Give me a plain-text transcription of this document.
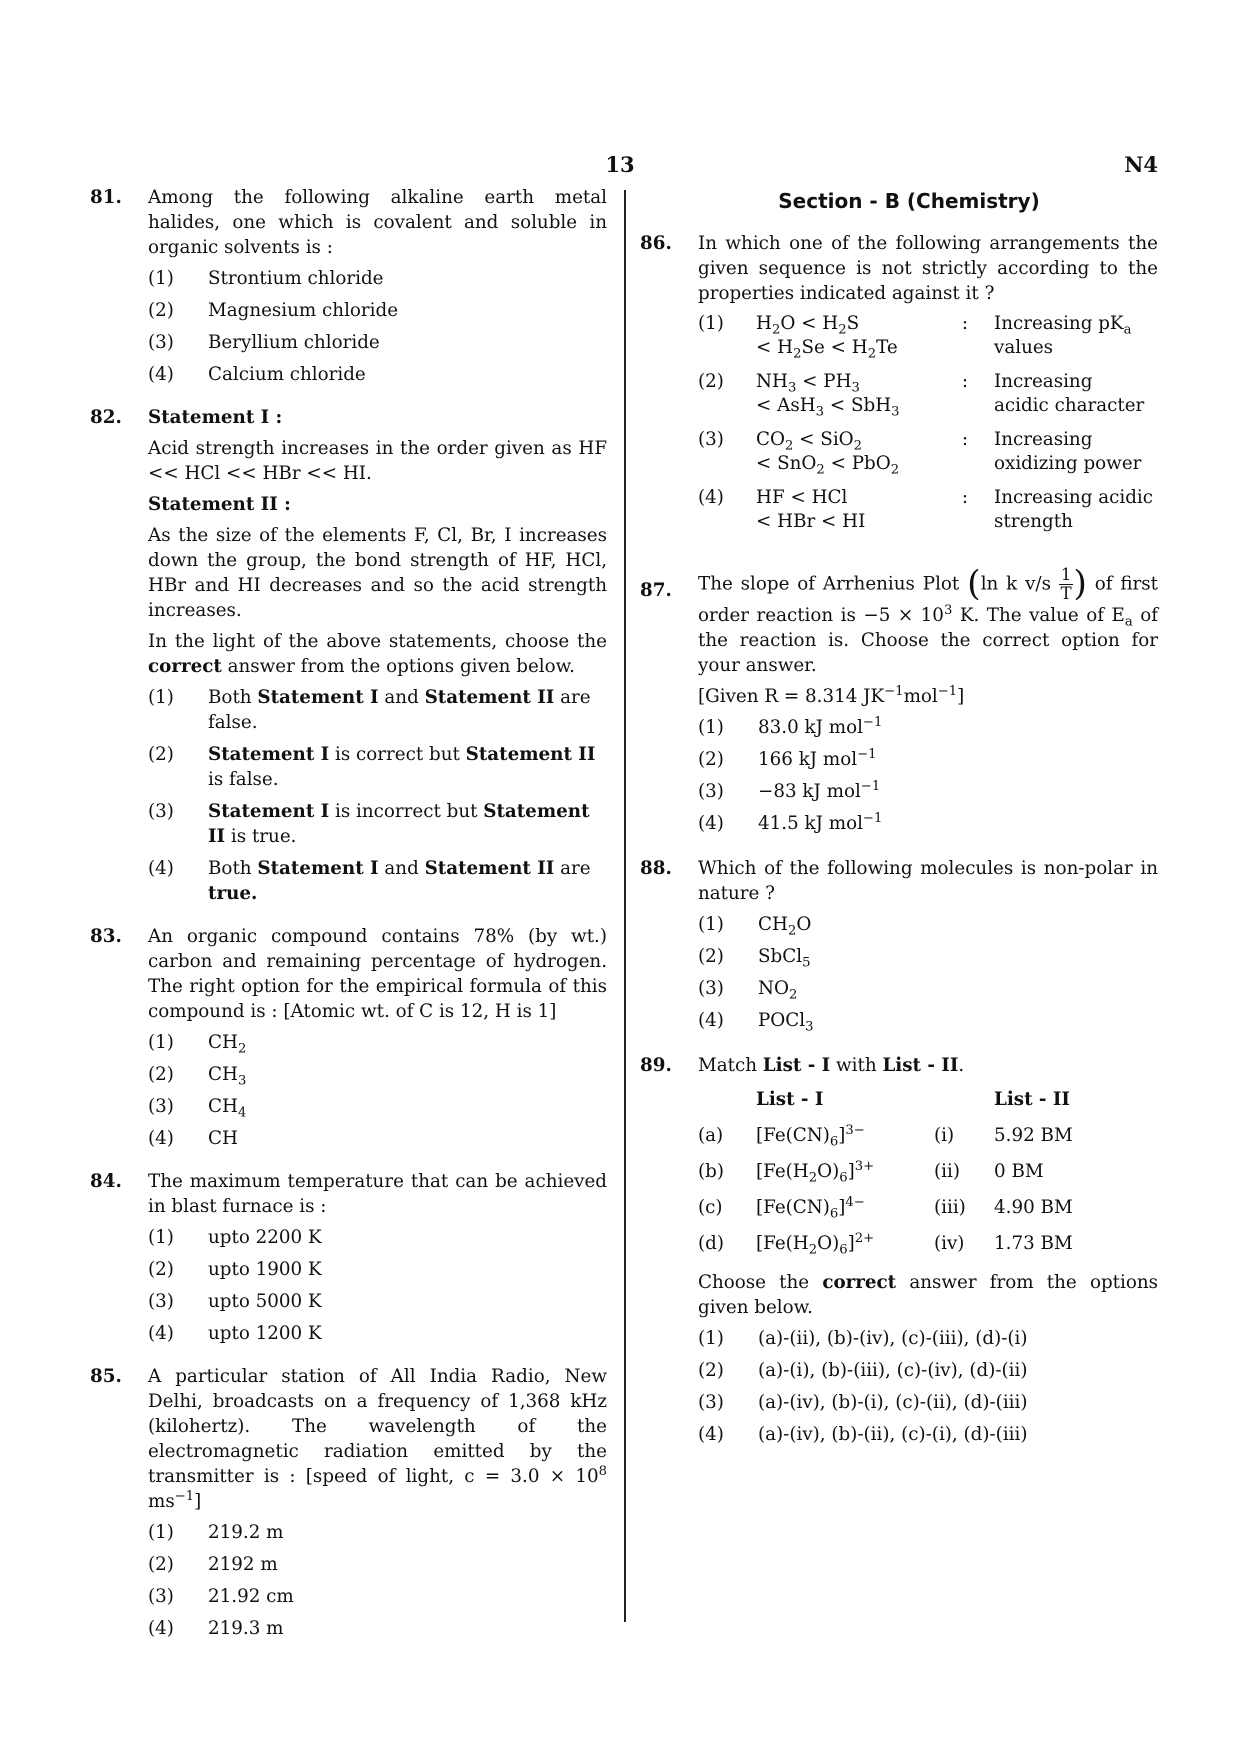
13	N4
81. Among the following alkaline earth metal halides, one which is covalent and soluble in organic solvents is :
(1) Strontium chloride
(2) Magnesium chloride
(3) Beryllium chloride
(4) Calcium chloride
82. Statement I :
Acid strength increases in the order given as HF << HCl << HBr << HI.
Statement II :
As the size of the elements F, Cl, Br, I increases down the group, the bond strength of HF, HCl, HBr and HI decreases and so the acid strength increases.
In the light of the above statements, choose the correct answer from the options given below.
(1) Both Statement I and Statement II are false.
(2) Statement I is correct but Statement II is false.
(3) Statement I is incorrect but Statement II is true.
(4) Both Statement I and Statement II are true.
83. An organic compound contains 78% (by wt.) carbon and remaining percentage of hydrogen. The right option for the empirical formula of this compound is : [Atomic wt. of C is 12, H is 1]
(1) $CH_2$
(2) $CH_3$
(3) $CH_4$
(4) CH
84. The maximum temperature that can be achieved in blast furnace is :
(1) upto 2200 K
(2) upto 1900 K
(3) upto 5000 K
(4) upto 1200 K
85. A particular station of All India Radio, New Delhi, broadcasts on a frequency of 1,368 kHz (kilohertz). The wavelength of the electromagnetic radiation emitted by the transmitter is : [speed of light, $c = 3.0 \times 10^8$ $ms^{-1}$]
(1) 219.2 m
(2) 2192 m
(3) 21.92 cm
(4) 219.3 m
Section - B (Chemistry)
86. In which one of the following arrangements the given sequence is not strictly according to the properties indicated against it ?
(1)	$H_2O < H_2S$
< $H_2Se < H_2Te$	:	Increasing $pK_a$
values
(2)	$NH_3 < PH_3$
< AsH$_3$ < SbH$_3$	:	Increasing
acidic character
(3)	$CO_2 < SiO_2$
< SnO$_2$ < PbO$_2$	:	Increasing
oxidizing power
(4)	HF < HCl
< HBr < HI	:	Increasing acidic
strength
87. The slope of Arrhenius Plot (ln k $v/s \frac{1}{T}$ ) of first order reaction is $-5 \times 10^3$ K. The value of $E_a$ of the reaction is. Choose the correct option for your answer.
[Given R = 8.314 $JK^{-1}mol^{-1}$]
(1) 83.0 kJ mol$^{-1}$
(2) 166 kJ mol$^{-1}$
(3) −83 kJ mol$^{-1}$
(4) 41.5 kJ mol$^{-1}$
88. Which of the following molecules is non-polar in nature ?
(1) $CH_2O$
(2) SbCl$_5$
(3) $NO_2$
(4) POCl$_3$
89. Match List - I with List - II.
	List - I		List - II
(a)	$[Fe(CN)_6]^{3-}$	(i)	5.92 BM
(b)	$[Fe(H_2O)_6]^{3+}$	(ii)	0 BM
(c)	$[Fe(CN)_6]^{4-}$	(iii)	4.90 BM
(d)	$[Fe(H_2O)_6]^{2+}$	(iv)	1.73 BM
Choose the correct answer from the options given below.
(1) (a)-(ii), (b)-(iv), (c)-(iii), (d)-(i)
(2) (a)-(i), (b)-(iii), (c)-(iv), (d)-(ii)
(3) (a)-(iv), (b)-(i), (c)-(ii), (d)-(iii)
(4) (a)-(iv), (b)-(ii), (c)-(i), (d)-(iii)
